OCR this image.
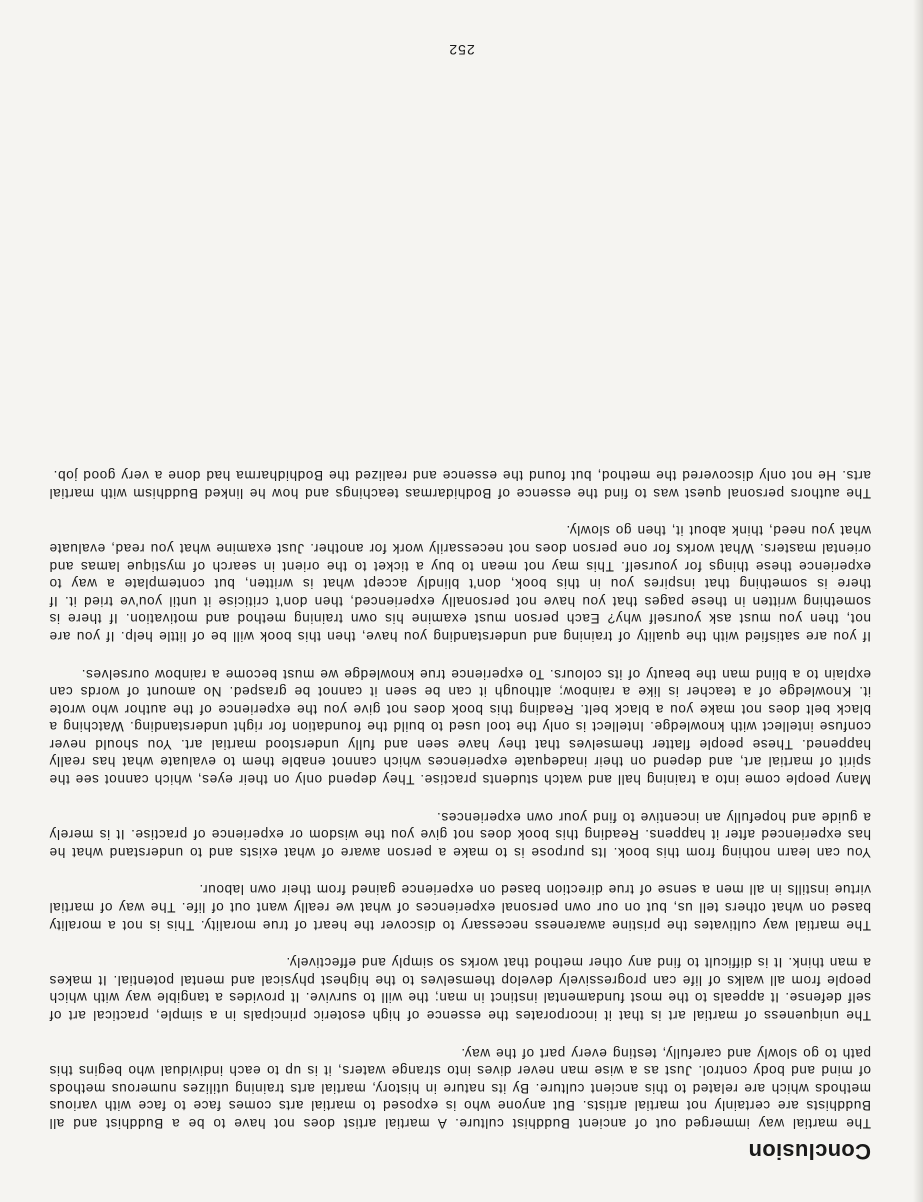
Conclusion

The martial way immerged out of ancient Buddhist culture. A martial artist does not have to be a Buddhist and all Buddhists are certainly not martial artists. But anyone who is exposed to martial arts comes face to face with various methods which are related to this ancient culture. By its nature in history, martial arts training utilizes numerous methods of mind and body control. Just as a wise man never dives into strange waters, it is up to each individual who begins this path to go slowly and carefully, testing every part of the way.

The uniqueness of martial art is that it incorporates the essence of high esoteric principals in a simple, practical art of self defense. It appeals to the most fundamental instinct in man; the will to survive. It provides a tangible way with which people from all walks of life can progressively develop themselves to the highest physical and mental potential. It makes a man think. It is difficult to find any other method that works so simply and effectively.

The martial way cultivates the pristine awareness necessary to discover the heart of true morality. This is not a morality based on what others tell us, but on our own personal experiences of what we really want out of life. The way of martial virtue instills in all men a sense of true direction based on experience gained from their own labour.

You can learn nothing from this book. Its purpose is to make a person aware of what exists and to understand what he has experienced after it happens. Reading this book does not give you the wisdom or experience of practise. It is merely a guide and hopefully an incentive to find your own experiences.

Many people come into a training hall and watch students practise. They depend only on their eyes, which cannot see the spirit of martial art, and depend on their inadequate experiences which cannot enable them to evaluate what has really happened. These people flatter themselves that they have seen and fully understood martial art. You should never confuse intellect with knowledge. Intellect is only the tool used to build the foundation for right understanding. Watching a black belt does not make you a black belt. Reading this book does not give you the experience of the author who wrote it. Knowledge of a teacher is like a rainbow; although it can be seen it cannot be grasped. No amount of words can explain to a blind man the beauty of its colours. To experience true knowledge we must become a rainbow ourselves.

If you are satisfied with the quality of training and understanding you have, then this book will be of little help. If you are not, then you must ask yourself why? Each person must examine his own training method and motivation. If there is something written in these pages that you have not personally experienced, then don't criticise it until you've tried it. If there is something that inspires you in this book, don't blindly accept what is written, but contemplate a way to experience these things for yourself. This may not mean to buy a ticket to the orient in search of mystique lamas and oriental masters. What works for one person does not necessarily work for another. Just examine what you read, evaluate what you need, think about it, then go slowly.

The authors personal quest was to find the essence of Bodhidarmas teachings and how he linked Buddhism with martial arts. He not only discovered the method, but found the essence and realized the Bodhidharma had done a very good job.

252
